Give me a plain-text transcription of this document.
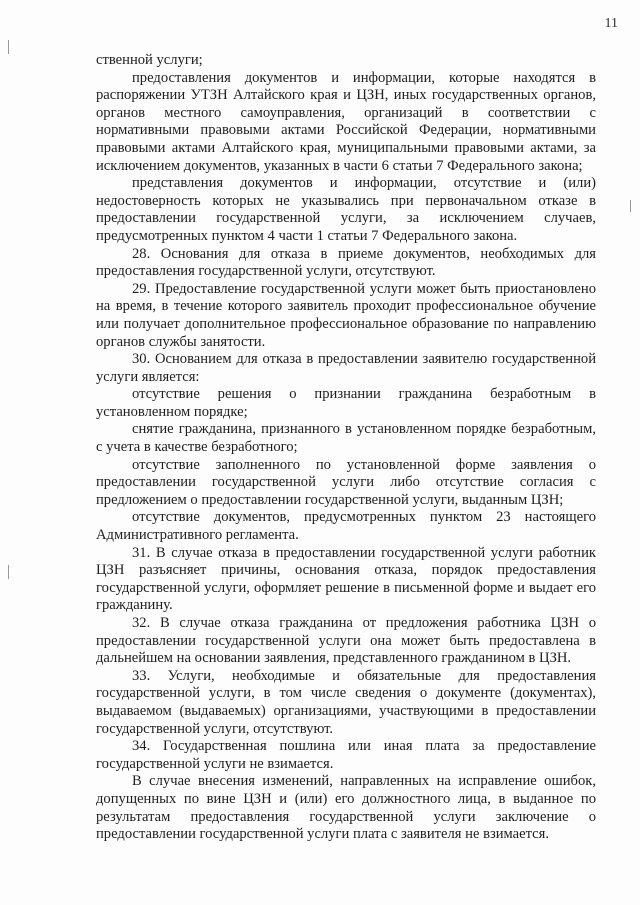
11

ственной услуги;

предоставления документов и информации, которые находятся в распоряжении УТЗН Алтайского края и ЦЗН, иных государственных органов, органов местного самоуправления, организаций в соответствии с нормативными правовыми актами Российской Федерации, нормативными правовыми актами Алтайского края, муниципальными правовыми актами, за исключением документов, указанных в части 6 статьи 7 Федерального закона;

представления документов и информации, отсутствие и (или) недостоверность которых не указывались при первоначальном отказе в предоставлении государственной услуги, за исключением случаев, предусмотренных пунктом 4 части 1 статьи 7 Федерального закона.

28. Основания для отказа в приеме документов, необходимых для предоставления государственной услуги, отсутствуют.

29. Предоставление государственной услуги может быть приостановлено на время, в течение которого заявитель проходит профессиональное обучение или получает дополнительное профессиональное образование по направлению органов службы занятости.

30. Основанием для отказа в предоставлении заявителю государственной услуги является:

отсутствие решения о признании гражданина безработным в установленном порядке;

снятие гражданина, признанного в установленном порядке безработным, с учета в качестве безработного;

отсутствие заполненного по установленной форме заявления о предоставлении государственной услуги либо отсутствие согласия с предложением о предоставлении государственной услуги, выданным ЦЗН;

отсутствие документов, предусмотренных пунктом 23 настоящего Административного регламента.

31. В случае отказа в предоставлении государственной услуги работник ЦЗН разъясняет причины, основания отказа, порядок предоставления государственной услуги, оформляет решение в письменной форме и выдает его гражданину.

32. В случае отказа гражданина от предложения работника ЦЗН о предоставлении государственной услуги она может быть предоставлена в дальнейшем на основании заявления, представленного гражданином в ЦЗН.

33. Услуги, необходимые и обязательные для предоставления государственной услуги, в том числе сведения о документе (документах), выдаваемом (выдаваемых) организациями, участвующими в предоставлении государственной услуги, отсутствуют.

34. Государственная пошлина или иная плата за предоставление государственной услуги не взимается.

В случае внесения изменений, направленных на исправление ошибок, допущенных по вине ЦЗН и (или) его должностного лица, в выданное по результатам предоставления государственной услуги заключение о предоставлении государственной услуги плата с заявителя не взимается.
